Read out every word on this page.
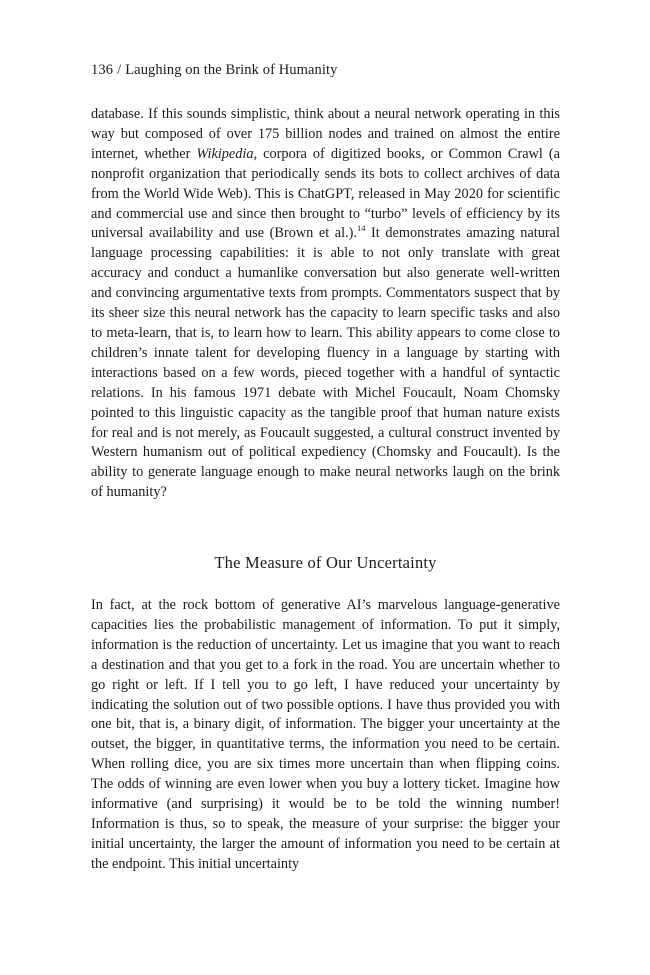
136 / Laughing on the Brink of Humanity

database. If this sounds simplistic, think about a neural network operating in this way but composed of over 175 billion nodes and trained on almost the entire internet, whether Wikipedia, corpora of digitized books, or Common Crawl (a nonprofit organization that periodically sends its bots to collect archives of data from the World Wide Web). This is ChatGPT, released in May 2020 for scientific and commercial use and since then brought to “turbo” levels of efficiency by its universal availability and use (Brown et al.).$^{14}$ It demonstrates amazing natural language processing capabilities: it is able to not only translate with great accuracy and conduct a humanlike conversation but also generate well-written and convincing argumentative texts from prompts. Commentators suspect that by its sheer size this neural network has the capacity to learn specific tasks and also to meta-learn, that is, to learn how to learn. This ability appears to come close to children’s innate talent for developing fluency in a language by starting with interactions based on a few words, pieced together with a handful of syntactic relations. In his famous 1971 debate with Michel Foucault, Noam Chomsky pointed to this linguistic capacity as the tangible proof that human nature exists for real and is not merely, as Foucault suggested, a cultural construct invented by Western humanism out of political expediency (Chomsky and Foucault). Is the ability to generate language enough to make neural networks laugh on the brink of humanity?

The Measure of Our Uncertainty

In fact, at the rock bottom of generative AI’s marvelous language-generative capacities lies the probabilistic management of information. To put it simply, information is the reduction of uncertainty. Let us imagine that you want to reach a destination and that you get to a fork in the road. You are uncertain whether to go right or left. If I tell you to go left, I have reduced your uncertainty by indicating the solution out of two possible options. I have thus provided you with one bit, that is, a binary digit, of information. The bigger your uncertainty at the outset, the bigger, in quantitative terms, the information you need to be certain. When rolling dice, you are six times more uncertain than when flipping coins. The odds of winning are even lower when you buy a lottery ticket. Imagine how informative (and surprising) it would be to be told the winning number! Information is thus, so to speak, the measure of your surprise: the bigger your initial uncertainty, the larger the amount of information you need to be certain at the endpoint. This initial uncertainty
